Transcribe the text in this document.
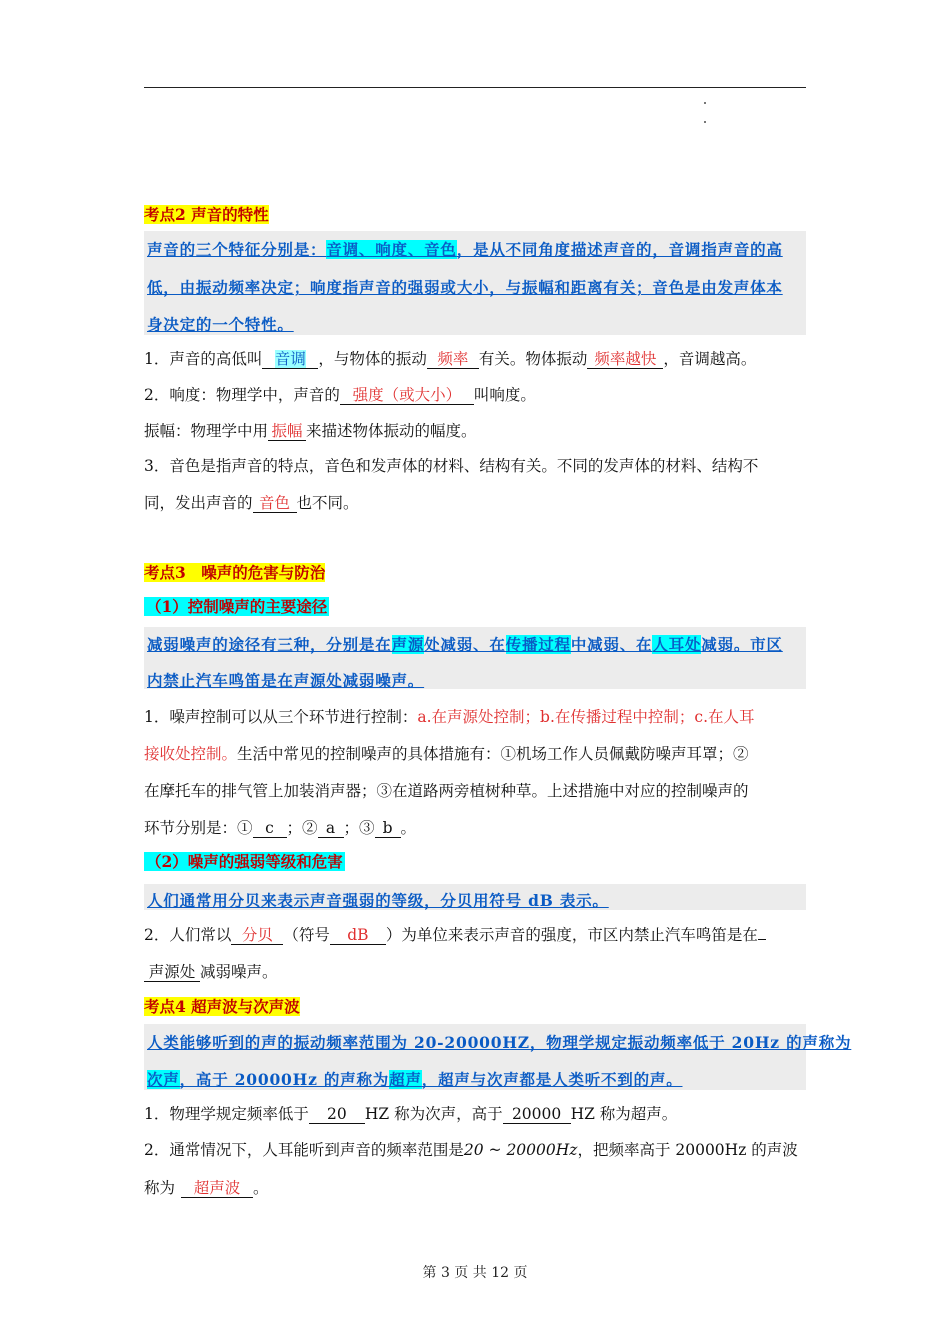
考点2 声音的特性
声音的三个特征分别是：音调、响度、音色，是从不同角度描述声音的，音调指声音的高
低，由振动频率决定；响度指声音的强弱或大小，与振幅和距离有关；音色是由发声体本
身决定的一个特性。
1．声音的高低叫 音调 ，与物体的振动 频率 有关。物体振动 频率越快 ，音调越高。
2．响度：物理学中，声音的 强度（或大小） 叫响度。
振幅：物理学中用 振幅 来描述物体振动的幅度。
3．音色是指声音的特点，音色和发声体的材料、结构有关。不同的发声体的材料、结构不
同，发出声音的 音色 也不同。
考点3　噪声的危害与防治
（1）控制噪声的主要途径
减弱噪声的途径有三种，分别是在声源处减弱、在传播过程中减弱、在人耳处减弱。市区
内禁止汽车鸣笛是在声源处减弱噪声。
1．噪声控制可以从三个环节进行控制：a.在声源处控制；b.在传播过程中控制；c.在人耳
接收处控制。生活中常见的控制噪声的具体措施有：①机场工作人员佩戴防噪声耳罩；②
在摩托车的排气管上加装消声器；③在道路两旁植树种草。上述措施中对应的控制噪声的
环节分别是：① c ；② a ；③ b 。
（2）噪声的强弱等级和危害
人们通常用分贝来表示声音强弱的等级，分贝用符号 dB 表示。
2．人们常以 分贝 （符号 dB ）为单位来表示声音的强度，市区内禁止汽车鸣笛是在
声源处 减弱噪声。
考点4 超声波与次声波
人类能够听到的声的振动频率范围为 20-20000HZ，物理学规定振动频率低于 20Hz 的声称为
次声，高于 20000Hz 的声称为超声，超声与次声都是人类听不到的声。
1．物理学规定频率低于 20 HZ 称为次声，高于 20000 HZ 称为超声。
2．通常情况下，人耳能听到声音的频率范围是20 ~ 20000Hz，把频率高于 20000Hz 的声波
称为 超声波 。
第 3 页 共 12 页
